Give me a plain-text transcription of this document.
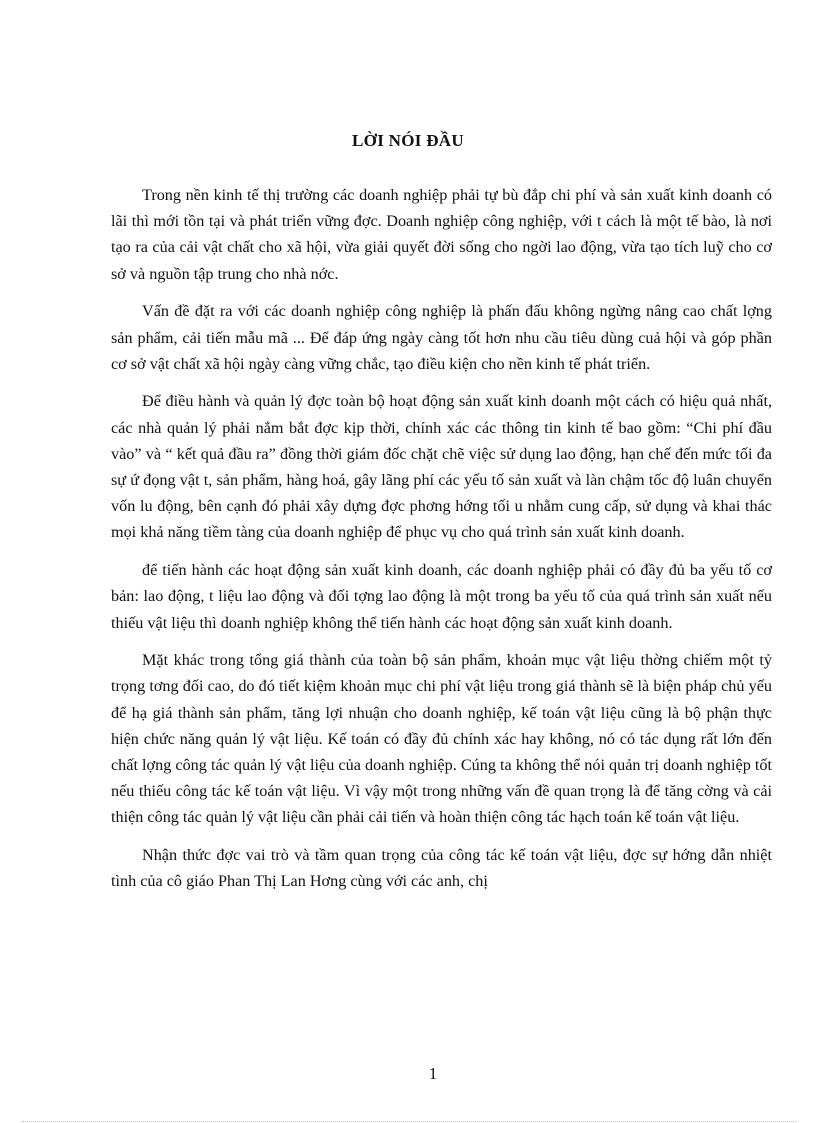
LỜI NÓI ĐẦU

Trong nền kinh tế thị trường các doanh nghiệp phải tự bù đắp chi phí và sản xuất kinh doanh có lãi thì mới tồn tại và phát triển vững đợc. Doanh nghiệp công nghiệp, với t cách là một tế bào, là nơi tạo ra của cải vật chất cho xã hội, vừa giải quyết đời sống cho ngời lao động, vừa tạo tích luỹ cho cơ sở và nguồn tập trung cho nhà nớc.

Vấn đề đặt ra với các doanh nghiệp công nghiệp là phấn đấu không ngừng nâng cao chất lợng sản phẩm, cải tiến mẫu mã ... Để đáp ứng ngày càng tốt hơn nhu cầu tiêu dùng cuả hội và góp phần cơ sở vật chất xã hội ngày càng vững chắc, tạo điều kiện cho nền kinh tế phát triển.

Để điều hành và quản lý đợc toàn bộ hoạt động sản xuất kinh doanh một cách có hiệu quả nhất, các nhà quản lý phải nắm bắt đợc kịp thời, chính xác các thông tin kinh tế bao gồm: “Chi phí đầu vào” và “ kết quả đầu ra” đồng thời giám đốc chặt chẽ việc sử dụng lao động, hạn chế đến mức tối đa sự ứ đọng vật t, sản phẩm, hàng hoá, gây lãng phí các yếu tố sản xuất và làn chậm tốc độ luân chuyển vốn lu động, bên cạnh đó phải xây dựng đợc phơng hớng tối u nhằm cung cấp, sử dụng và khai thác mọi khả năng tiềm tàng của doanh nghiệp để phục vụ cho quá trình sản xuất kinh doanh.

để tiến hành các hoạt động sản xuất kinh doanh, các doanh nghiệp phải có đầy đủ ba yếu tố cơ bản: lao động, t liệu lao động và đối tợng lao động là một trong ba yếu tố của quá trình sản xuất nếu thiếu vật liệu thì doanh nghiệp không thể tiến hành các hoạt động sản xuất kinh doanh.

Mặt khác trong tổng giá thành của toàn bộ sản phẩm, khoản mục vật liệu thờng chiếm một tỷ trọng tơng đối cao, do đó tiết kiệm khoản mục chi phí vật liệu trong giá thành sẽ là biện pháp chủ yếu để hạ giá thành sản phẩm, tăng lợi nhuận cho doanh nghiệp, kế toán vật liệu cũng là bộ phận thực hiện chức năng quản lý vật liệu. Kế toán có đầy đủ chính xác hay không, nó có tác dụng rất lớn đến chất lợng công tác quản lý vật liệu của doanh nghiệp. Cúng ta không thể nói quản trị doanh nghiệp tốt nếu thiếu công tác kế toán vật liệu. Vì vậy một trong những vấn đề quan trọng là để tăng cờng và cải thiện công tác quản lý vật liệu cần phải cải tiến và hoàn thiện công tác hạch toán kế toán vật liệu.

Nhận thức đợc vai trò và tầm quan trọng của công tác kế toán vật liệu, đợc sự hớng dẫn nhiệt tình của cô giáo Phan Thị Lan Hơng cùng với các anh, chị

1
